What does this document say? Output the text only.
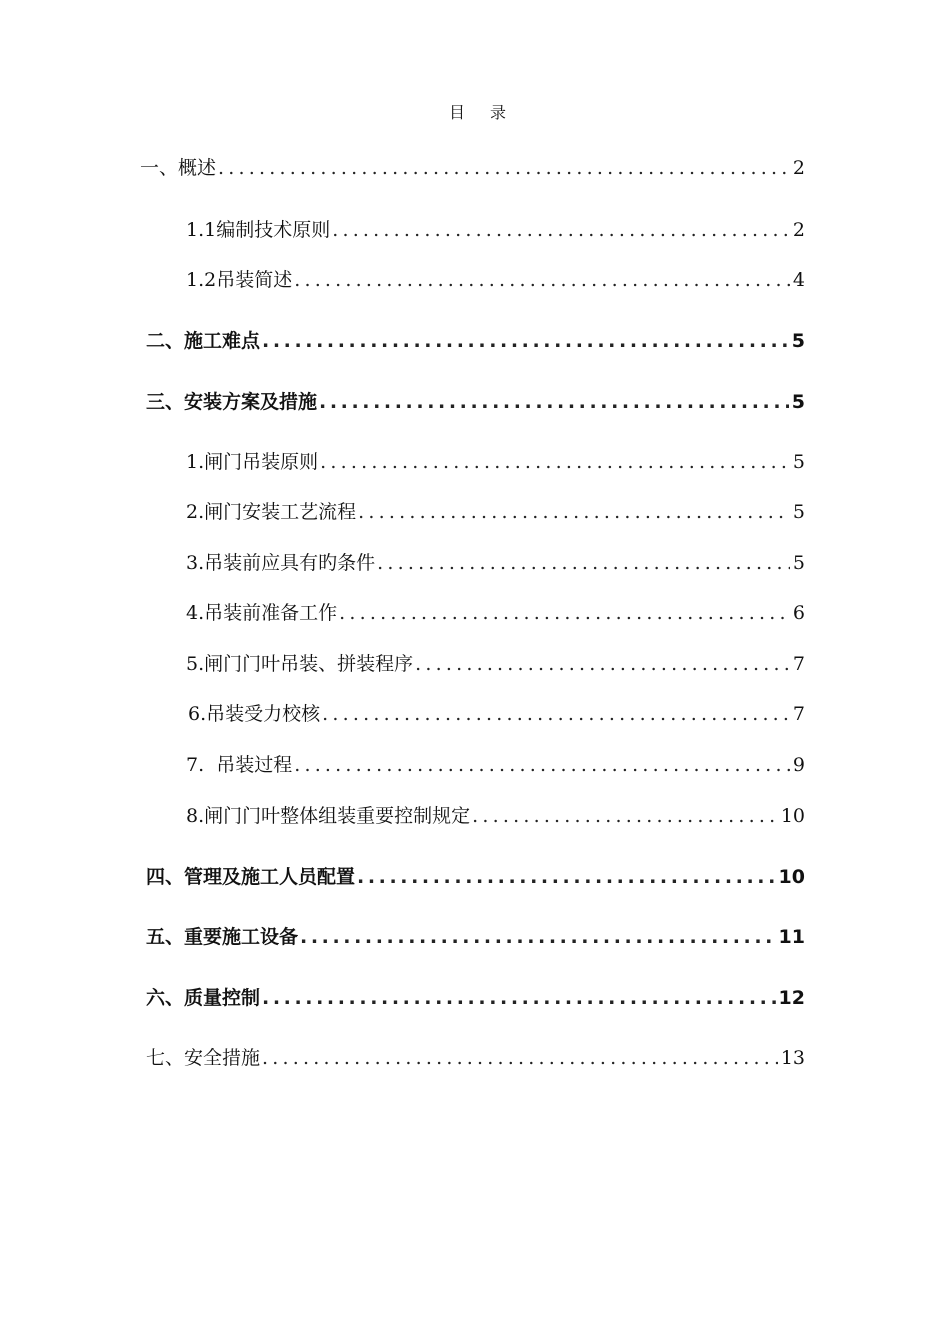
目 录
一、概述 .....	2
1.1编制技术原则 .....	2
1.2吊装简述 .....	4
二、施工难点 .....	5
三、安装方案及措施 .....	5
1.闸门吊装原则 .....	5
2.闸门安装工艺流程 .....	5
3.吊装前应具有旳条件 .....	5
4.吊装前准备工作 .....	6
5.闸门门叶吊装、拼装程序 .....	7
6.吊装受力校核 .....	7
7.  吊装过程 .....	9
8.闸门门叶整体组装重要控制规定 .....	10
四、管理及施工人员配置 .....	10
五、重要施工设备 .....	11
六、质量控制 .....	12
七、安全措施 .....	13
